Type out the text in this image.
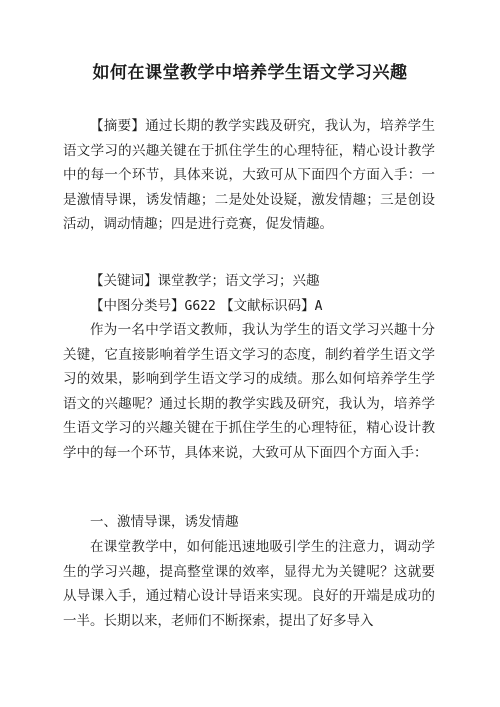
如何在课堂教学中培养学生语文学习兴趣

【摘要】通过长期的教学实践及研究，我认为，培养学生语文学习的兴趣关键在于抓住学生的心理特征，精心设计教学中的每一个环节，具体来说，大致可从下面四个方面入手：一是激情导课，诱发情趣；二是处处设疑，激发情趣；三是创设活动，调动情趣；四是进行竞赛，促发情趣。

【关键词】课堂教学；语文学习；兴趣

【中图分类号】G622 【文献标识码】A

作为一名中学语文教师，我认为学生的语文学习兴趣十分关键，它直接影响着学生语文学习的态度，制约着学生语文学习的效果，影响到学生语文学习的成绩。那么如何培养学生学语文的兴趣呢？通过长期的教学实践及研究，我认为，培养学生语文学习的兴趣关键在于抓住学生的心理特征，精心设计教学中的每一个环节，具体来说，大致可从下面四个方面入手：

一、激情导课，诱发情趣

在课堂教学中，如何能迅速地吸引学生的注意力，调动学生的学习兴趣，提高整堂课的效率，显得尤为关键呢？这就要从导课入手，通过精心设计导语来实现。良好的开端是成功的一半。长期以来，老师们不断探索，提出了好多导入
